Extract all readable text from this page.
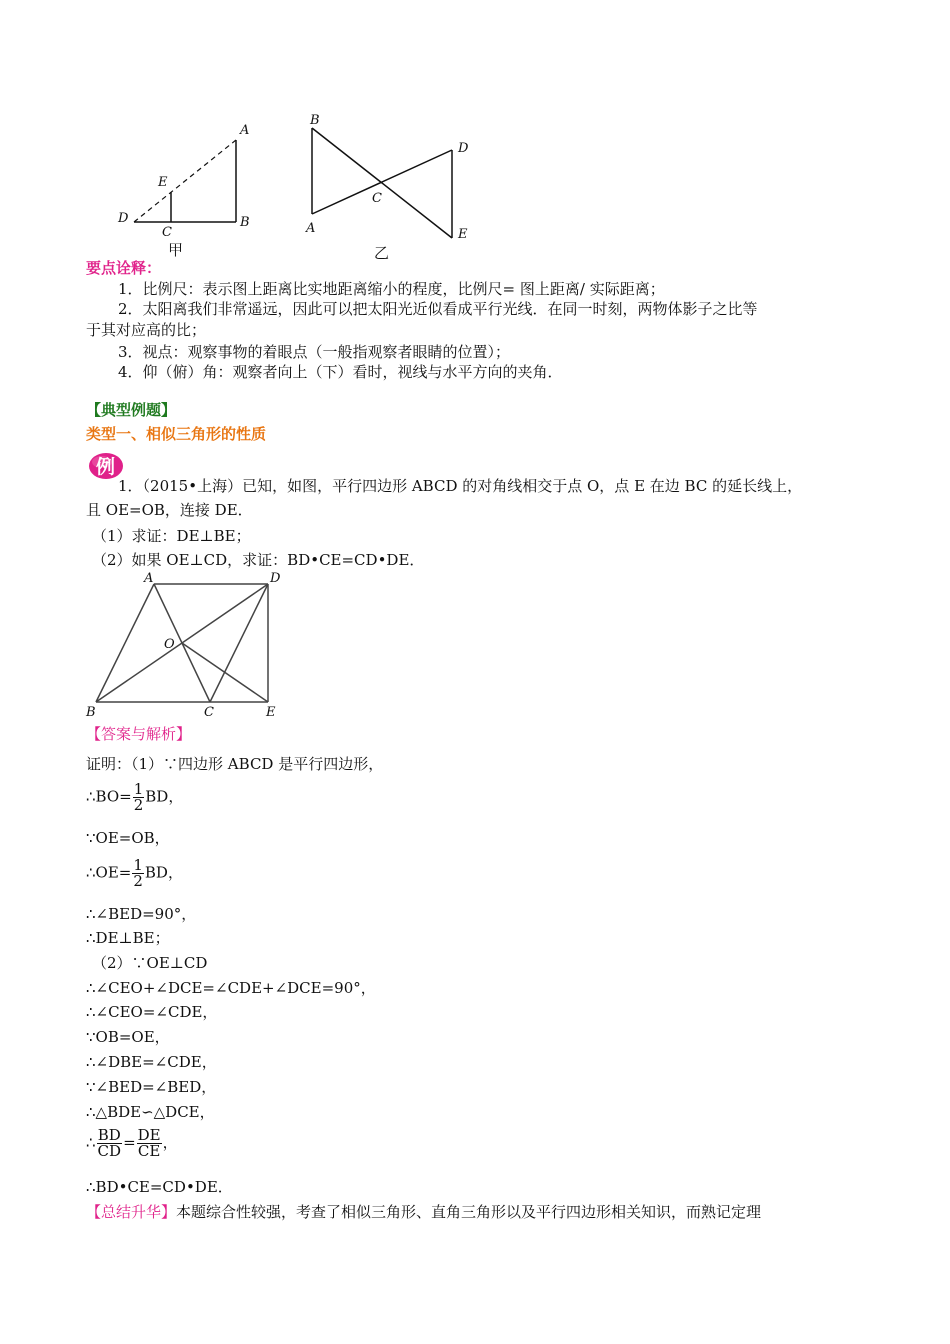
A
E
D
C
B
甲
B
D
C
A	E
乙
要点诠释：
1．比例尺：表示图上距离比实地距离缩小的程度，比例尺= 图上距离/ 实际距离；
2．太阳离我们非常遥远，因此可以把太阳光近似看成平行光线．在同一时刻，两物体影子之比等
于其对应高的比；
3．视点：观察事物的着眼点（一般指观察者眼睛的位置）；
4．仰（俯）角：观察者向上（下）看时，视线与水平方向的夹角．
【典型例题】
类型一、相似三角形的性质
例
1．（2015•上海）已知，如图，平行四边形 ABCD 的对角线相交于点 O，点 E 在边 BC 的延长线上，
且 OE=OB，连接 DE．
（1）求证：DE⊥BE；
（2）如果 OE⊥CD，求证：BD•CE=CD•DE．
A	D
O
B	C	E
【答案与解析】
证明：（1）∵四边形 ABCD 是平行四边形，
∴BO= $\frac{1}{2}$ BD，
∵OE=OB，
∴OE= $\frac{1}{2}$ BD，
∴∠BED=90°，
∴DE⊥BE；
（2）∵OE⊥CD
∴∠CEO+∠DCE=∠CDE+∠DCE=90°，
∴∠CEO=∠CDE，
∵OB=OE，
∴∠DBE=∠CDE，
∵∠BED=∠BED，
∴△BDE∽△DCE，
∴ $\frac{BD}{CD} = \frac{DE}{CE}$ ，
∴BD•CE=CD•DE．
【总结升华】本题综合性较强，考查了相似三角形、直角三角形以及平行四边形相关知识，而熟记定理
